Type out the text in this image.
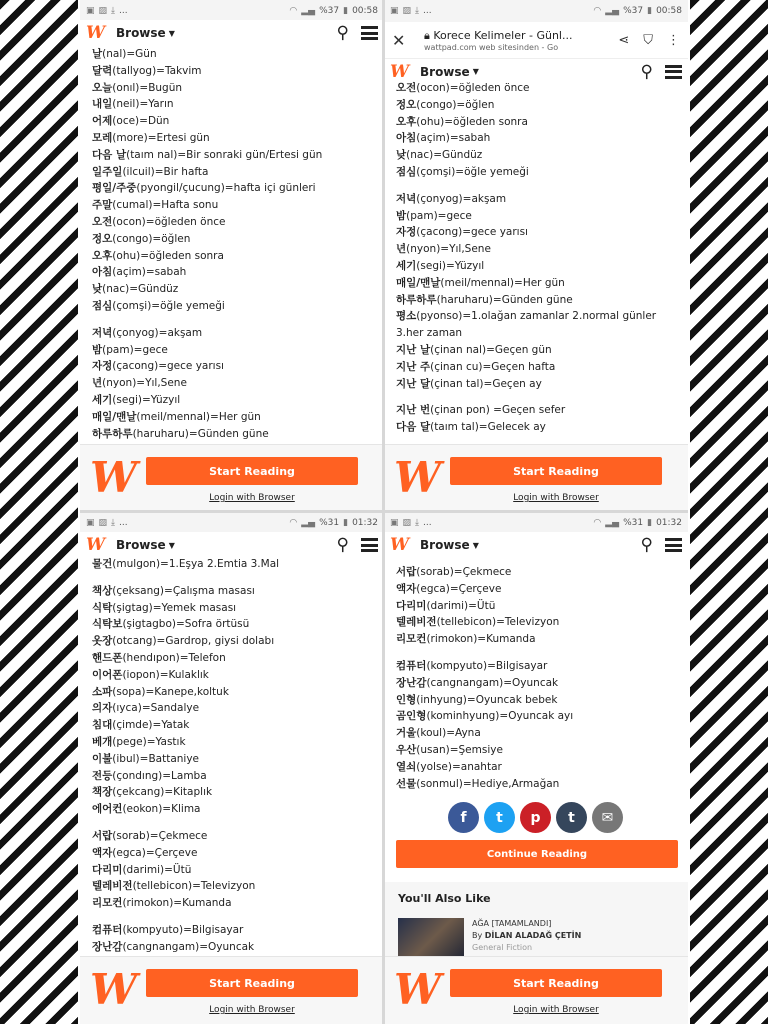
▣ ▨ ⤓ ...	◠ ▂▄ %37 ▮ 00:58
W Browse ▼	⚲
날(nal)=Gün
달력(tallyog)=Takvim
오늘(onıl)=Bugün
내일(neil)=Yarın
어제(oce)=Dün
모레(more)=Ertesi gün
다음 날(taım nal)=Bir sonraki gün/Ertesi gün
일주일(ilcuil)=Bir hafta
평일/주중(pyongil/çucung)=hafta içi günleri
주말(cumal)=Hafta sonu
오전(ocon)=öğleden önce
정오(congo)=öğlen
오후(ohu)=öğleden sonra
아침(açim)=sabah
낮(nac)=Gündüz
점심(çomşi)=öğle yemeği
저녁(çonyog)=akşam
밤(pam)=gece
자정(çacong)=gece yarısı
년(nyon)=Yıl,Sene
세기(segi)=Yüzyıl
매일/맨날(meil/mennal)=Her gün
하루하루(haruharu)=Günden güne
W	Start Reading
Login with Browser
▣ ▨ ⤓ ...	◠ ▂▄ %37 ▮ 00:58
✕	🔒︎ Korece Kelimeler - Günl...
wattpad.com web sitesinden - Go	⋖ ⛉ ⋮
W Browse ▼	⚲
오전(ocon)=öğleden önce
정오(congo)=öğlen
오후(ohu)=öğleden sonra
아침(açim)=sabah
낮(nac)=Gündüz
점심(çomşi)=öğle yemeği
저녁(çonyog)=akşam
밤(pam)=gece
자정(çacong)=gece yarısı
년(nyon)=Yıl,Sene
세기(segi)=Yüzyıl
매일/맨날(meil/mennal)=Her gün
하루하루(haruharu)=Günden güne
평소(pyonso)=1.olağan zamanlar 2.normal günler
3.her zaman
지난 날(çinan nal)=Geçen gün
지난 주(çinan cu)=Geçen hafta
지난 달(çinan tal)=Geçen ay
지난 번(çinan pon) =Geçen sefer
다음 달(taım tal)=Gelecek ay
W	Start Reading
Login with Browser
▣ ▨ ⤓ ...	◠ ▂▄ %31 ▮ 01:32
W Browse ▼	⚲
물건(mulgon)=1.Eşya 2.Emtia 3.Mal
책상(çeksang)=Çalışma masası
식탁(şigtag)=Yemek masası
식탁보(şigtagbo)=Sofra örtüsü
옷장(otcang)=Gardrop, giysi dolabı
핸드폰(hendıpon)=Telefon
이어폰(iopon)=Kulaklık
소파(sopa)=Kanepe,koltuk
의자(ıyca)=Sandalye
침대(çimde)=Yatak
베개(pege)=Yastık
이불(ibul)=Battaniye
전등(çondıng)=Lamba
책장(çekcang)=Kitaplık
에어컨(eokon)=Klima
서랍(sorab)=Çekmece
액자(egca)=Çerçeve
다리미(darimi)=Ütü
텔레비전(tellebicon)=Televizyon
리모컨(rimokon)=Kumanda
컴퓨터(kompyuto)=Bilgisayar
장난감(cangnangam)=Oyuncak
W	Start Reading
Login with Browser
▣ ▨ ⤓ ...	◠ ▂▄ %31 ▮ 01:32
W Browse ▼	⚲
서랍(sorab)=Çekmece
액자(egca)=Çerçeve
다리미(darimi)=Ütü
텔레비전(tellebicon)=Televizyon
리모컨(rimokon)=Kumanda
컴퓨터(kompyuto)=Bilgisayar
장난감(cangnangam)=Oyuncak
인형(inhyung)=Oyuncak bebek
곰인형(kominhyung)=Oyuncak ayı
거울(koul)=Ayna
우산(usan)=Şemsiye
열쇠(yolse)=anahtar
선물(sonmul)=Hediye,Armağan
f	t	p	t	✉
Continue Reading
You'll Also Like
AĞA [TAMAMLANDI]
By DİLAN ALADAĞ ÇETİN
General Fiction
W	Start Reading
Login with Browser
